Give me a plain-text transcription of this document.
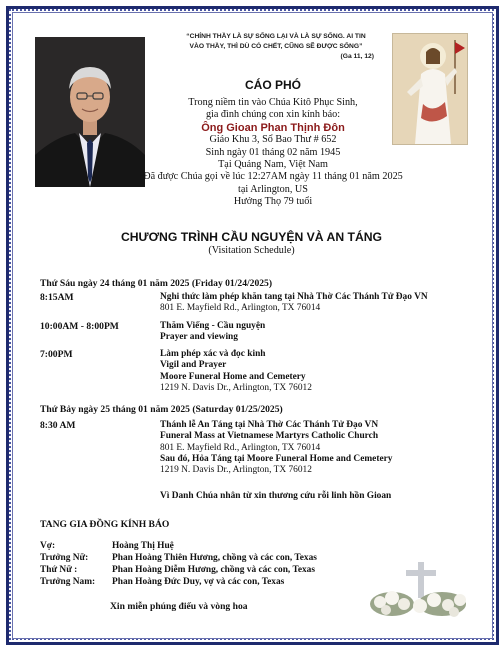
“CHÍNH THẦY LÀ SỰ SỐNG LẠI VÀ LÀ SỰ SỐNG. AI TIN
VÀO THẦY, THÌ DÙ CÓ CHẾT, CŨNG SẼ ĐƯỢC SỐNG”
(Ga 11, 12)
CÁO PHÓ
Trong niềm tin vào Chúa Kitô Phục Sinh,
gia đình chúng con xin kính báo:
Ông Gioan Phan Thịnh Đôn
Giáo Khu 3, Sổ Bao Thư # 652
Sinh ngày 01 tháng 02 năm 1945
Tại Quảng Nam, Việt Nam
Đã được Chúa gọi về lúc 12:27AM ngày 11 tháng 01 năm 2025
tại Arlington, US
Hưởng Thọ 79 tuổi
CHƯƠNG TRÌNH CẦU NGUYỆN VÀ AN TÁNG
(Visitation Schedule)
Thứ Sáu ngày 24 tháng 01 năm 2025 (Friday 01/24/2025)
8:15AM	Nghi thức làm phép khăn tang tại Nhà Thờ Các Thánh Tử Đạo VN
801 E. Mayfield Rd., Arlington, TX 76014
10:00AM - 8:00PM	Thăm Viếng - Cầu nguyện
Prayer and viewing
7:00PM	Làm phép xác và đọc kinh
Vigil and Prayer
Moore Funeral Home and Cemetery
1219 N. Davis Dr., Arlington, TX 76012
Thứ Bảy ngày 25 tháng 01 năm 2025 (Saturday 01/25/2025)
8:30 AM	Thánh lễ An Táng tại Nhà Thờ Các Thánh Tử Đạo VN
Funeral Mass at Vietnamese Martyrs Catholic Church
801 E. Mayfield Rd., Arlington, TX 76014
Sau đó, Hỏa Táng tại Moore Funeral Home and Cemetery
1219 N. Davis Dr., Arlington, TX 76012
Vì Danh Chúa nhân từ xin thương cứu rỗi linh hồn Gioan
TANG GIA ĐỒNG KÍNH BÁO
Vợ:	Hoàng Thị Huệ
Trưởng Nữ:	Phan Hoàng Thiên Hương, chồng và các con, Texas
Thứ Nữ :	Phan Hoàng Diễm Hương, chồng và các con, Texas
Trưởng Nam: Phan Hoàng Đức Duy, vợ và các con, Texas
Xin miễn phúng điếu và vòng hoa
